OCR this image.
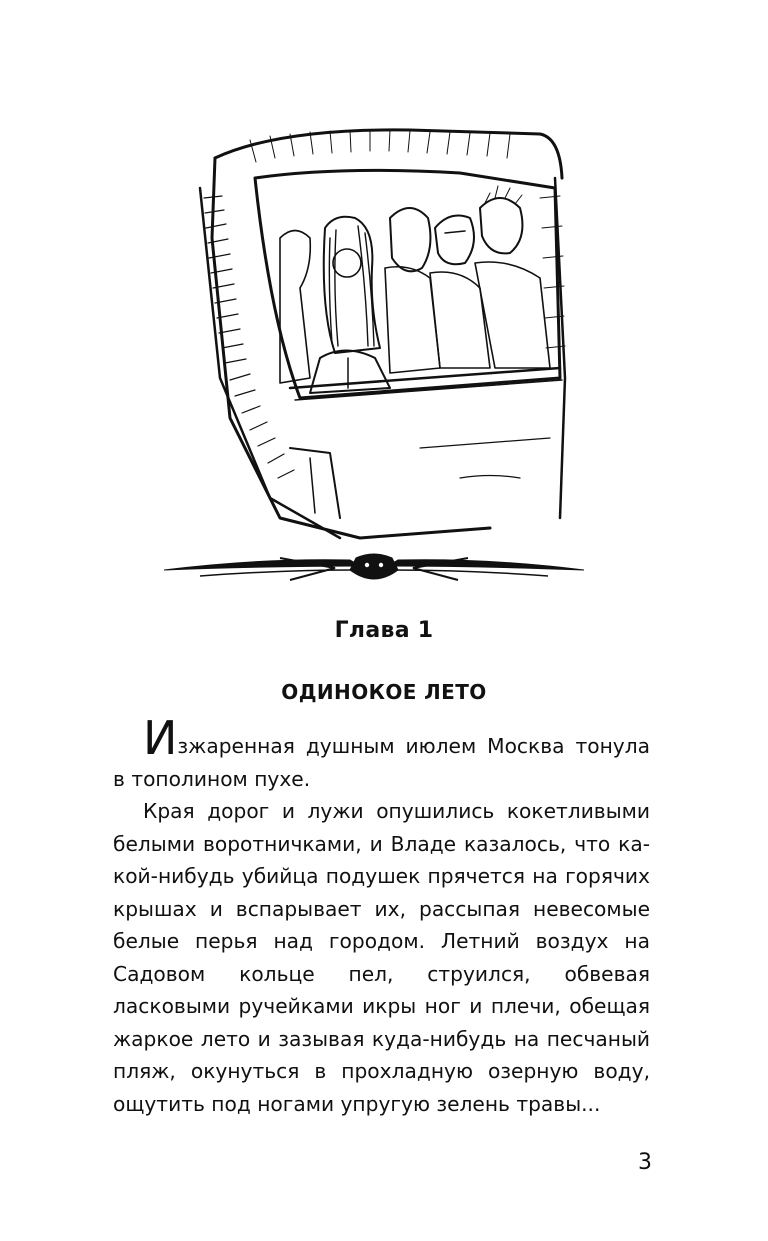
Глава 1
ОДИНОКОЕ ЛЕТО

Изжаренная душным июлем Москва тонула в тополином пухе.

Края дорог и лужи опушились кокетливыми белыми воротничками, и Владе казалось, что какой-нибудь убийца подушек прячется на горячих крышах и вспарывает их, рассыпая невесомые белые перья над городом. Летний воздух на Садовом кольце пел, струился, обвевая ласковыми ручейками икры ног и плечи, обещая жаркое лето и зазывая куда-нибудь на песчаный пляж, окунуться в прохладную озерную воду, ощутить под ногами упругую зелень травы...

3
